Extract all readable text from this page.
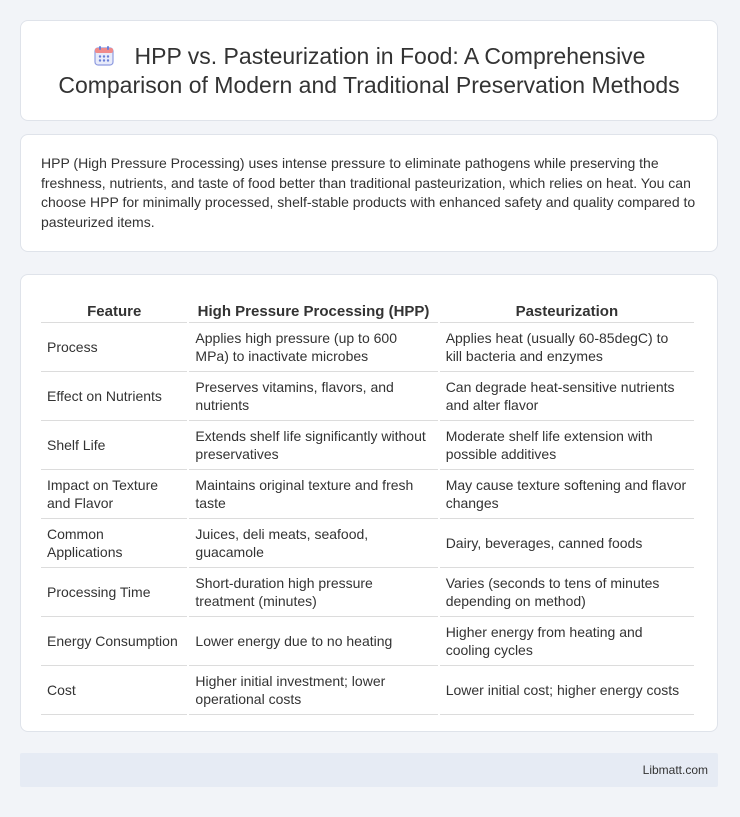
HPP vs. Pasteurization in Food: A Comprehensive Comparison of Modern and Traditional Preservation Methods

HPP (High Pressure Processing) uses intense pressure to eliminate pathogens while preserving the freshness, nutrients, and taste of food better than traditional pasteurization, which relies on heat. You can choose HPP for minimally processed, shelf-stable products with enhanced safety and quality compared to pasteurized items.

Feature	High Pressure Processing (HPP)	Pasteurization
Process	Applies high pressure (up to 600 MPa) to inactivate microbes	Applies heat (usually 60-85degC) to kill bacteria and enzymes
Effect on Nutrients	Preserves vitamins, flavors, and nutrients	Can degrade heat-sensitive nutrients and alter flavor
Shelf Life	Extends shelf life significantly without preservatives	Moderate shelf life extension with possible additives
Impact on Texture and Flavor	Maintains original texture and fresh taste	May cause texture softening and flavor changes
Common Applications	Juices, deli meats, seafood, guacamole	Dairy, beverages, canned foods
Processing Time	Short-duration high pressure treatment (minutes)	Varies (seconds to tens of minutes depending on method)
Energy Consumption	Lower energy due to no heating	Higher energy from heating and cooling cycles
Cost	Higher initial investment; lower operational costs	Lower initial cost; higher energy costs
Libmatt.com
